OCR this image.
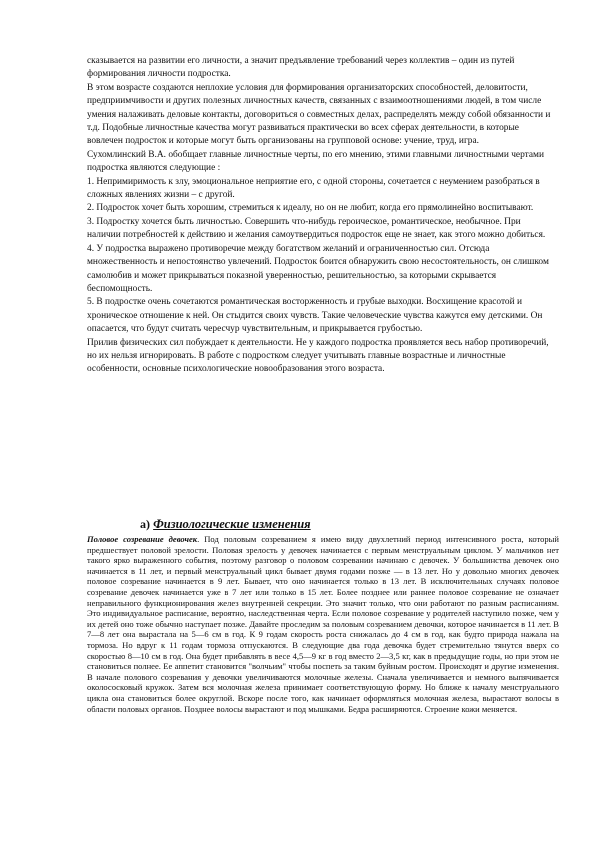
сказывается на развитии его личности, а значит предъявление требований через коллектив – один из путей формирования личности подростка.

В этом возрасте создаются неплохие условия для формирования организаторских способностей, деловитости, предприимчивости и других полезных личностных качеств, связанных с взаимоотношениями людей, в том числе умения налаживать деловые контакты, договориться о совместных делах, распределять между собой обязанности и т.д. Подобные личностные качества могут развиваться практически во всех сферах деятельности, в которые вовлечен подросток и которые могут быть организованы на групповой основе: учение, труд, игра.

Сухомлинский В.А. обобщает главные личностные черты, по его мнению, этими главными личностными чертами подростка являются следующие :

1. Непримиримость к злу, эмоциональное неприятие его, с одной стороны, сочетается с неумением разобраться в сложных явлениях жизни – с другой.

2. Подросток хочет быть хорошим, стремиться к идеалу, но он не любит, когда его прямолинейно воспитывают.

3. Подростку хочется быть личностью. Совершить что-нибудь героическое, романтическое, необычное. При наличии потребностей к действию и желания самоутвердиться подросток еще не знает, как этого можно добиться.

4. У подростка выражено противоречие между богатством желаний и ограниченностью сил. Отсюда множественность и непостоянство увлечений. Подросток боится обнаружить свою несостоятельность, он слишком самолюбив и может прикрываться показной уверенностью, решительностью, за которыми скрывается беспомощность.

5. В подростке очень сочетаются романтическая восторженность и грубые выходки. Восхищение красотой и хроническое отношение к ней. Он стыдится своих чувств. Такие человеческие чувства кажутся ему детскими. Он опасается, что будут считать чересчур чувствительным, и прикрывается грубостью.

Прилив физических сил побуждает к деятельности. Не у каждого подростка проявляется весь набор противоречий, но их нельзя игнорировать. В работе с подростком следует учитывать главные возрастные и личностные особенности, основные психологические новообразования этого возраста.

а) Физиологические изменения
Половое созревание девочек. Под половым созреванием я имею виду двухлетний период интенсивного роста, который предшествует половой зрелости. Половая зрелость у девочек начинается с первым менструальным циклом. У мальчиков нет такого ярко выраженного события, поэтому разговор о половом созревании начинаю с девочек. У большинства девочек оно начинается в 11 лет, и первый менструальный цикл бывает двумя годами позже — в 13 лет. Но у довольно многих девочек половое созревание начинается в 9 лет. Бывает, что оно начинается только в 13 лет. В исключительных случаях половое созревание девочек начинается уже в 7 лет или только в 15 лет. Более позднее или раннее половое созревание не означает неправильного функционирования желез внутренней секреции. Это значит только, что они работают по разным расписаниям. Это индивидуальное расписание, вероятно, наследственная черта. Если половое созревание у родителей наступило позже, чем у их детей оно тоже обычно наступает позже. Давайте проследим за половым созреванием девочки, которое начинается в 11 лет. В 7—8 лет она вырастала на 5—6 см в год. К 9 годам скорость роста снижалась до 4 см в год, как будто природа нажала на тормоза. Но вдруг к 11 годам тормоза отпускаются. В следующие два года девочка будет стремительно тянутся вверх со скоростью 8—10 см в год. Она будет прибавлять в весе 4,5—9 кг в год вместо 2—3,5 кг, как в предыдущие годы, но при этом не становиться полнее. Ее аппетит становится "волчьим" чтобы поспеть за таким буйным ростом. Происходят и другие изменения. В начале полового созревания у девочки увеличиваются молочные железы. Сначала увеличивается и немного выпячивается околососковый кружок. Затем вся молочная железа принимает соответствующую форму. Но ближе к началу менструального цикла она становиться более округлой. Вскоре после того, как начинает оформляться молочная железа, вырастают волосы в области половых органов. Позднее волосы вырастают и под мышками. Бедра расширяются. Строение кожи меняется.
